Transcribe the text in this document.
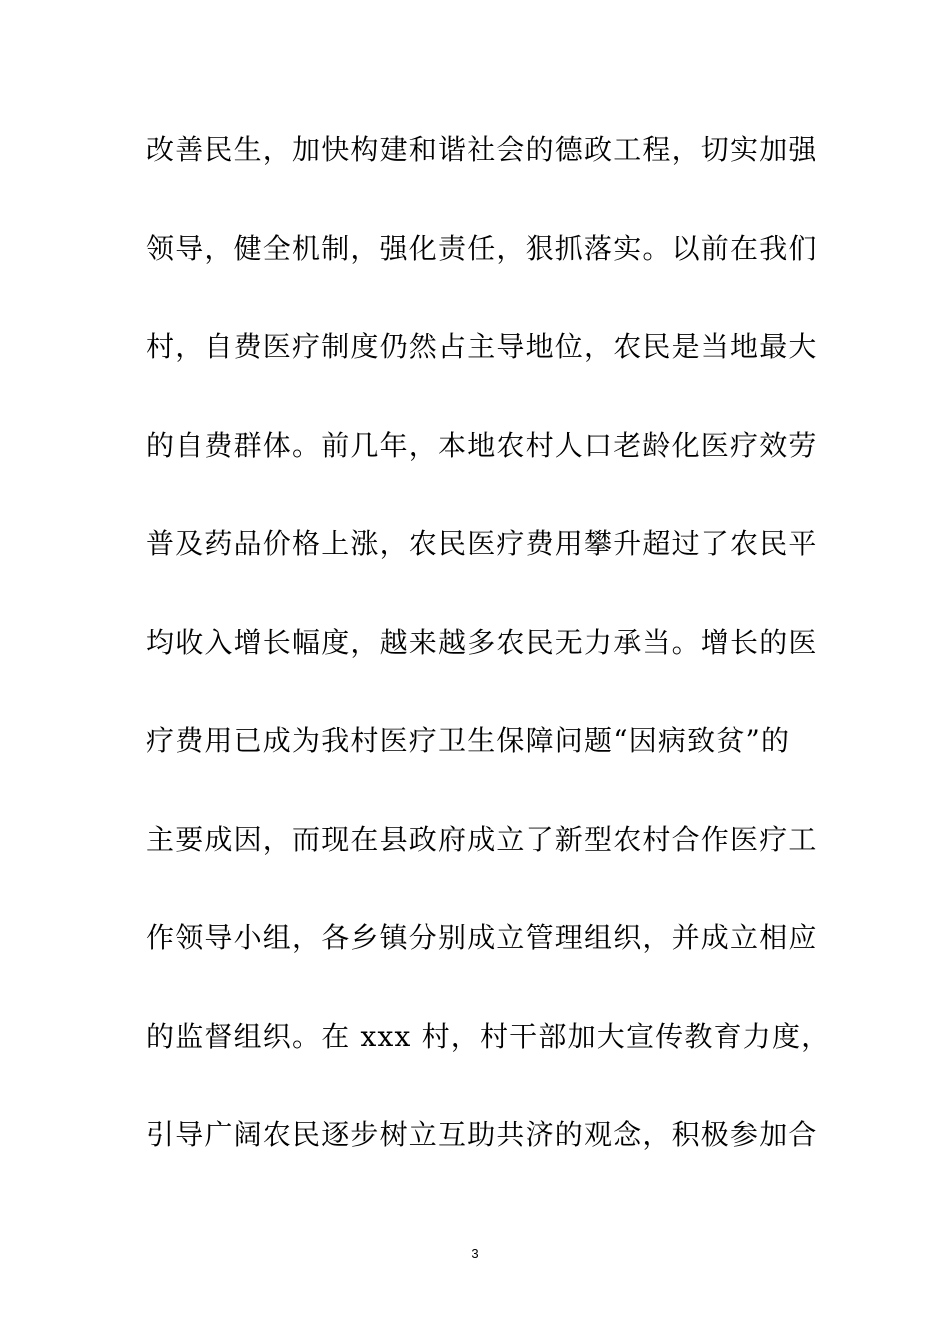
改善民生，加快构建和谐社会的德政工程，切实加强
领导，健全机制，强化责任，狠抓落实。以前在我们
村，自费医疗制度仍然占主导地位，农民是当地最大
的自费群体。前几年，本地农村人口老龄化医疗效劳
普及药品价格上涨，农民医疗费用攀升超过了农民平
均收入增长幅度，越来越多农民无力承当。增长的医
疗费用已成为我村医疗卫生保障问题“因病致贫”的
主要成因，而现在县政府成立了新型农村合作医疗工
作领导小组，各乡镇分别成立管理组织，并成立相应
的监督组织。在 xxx 村，村干部加大宣传教育力度，
引导广阔农民逐步树立互助共济的观念，积极参加合
3
